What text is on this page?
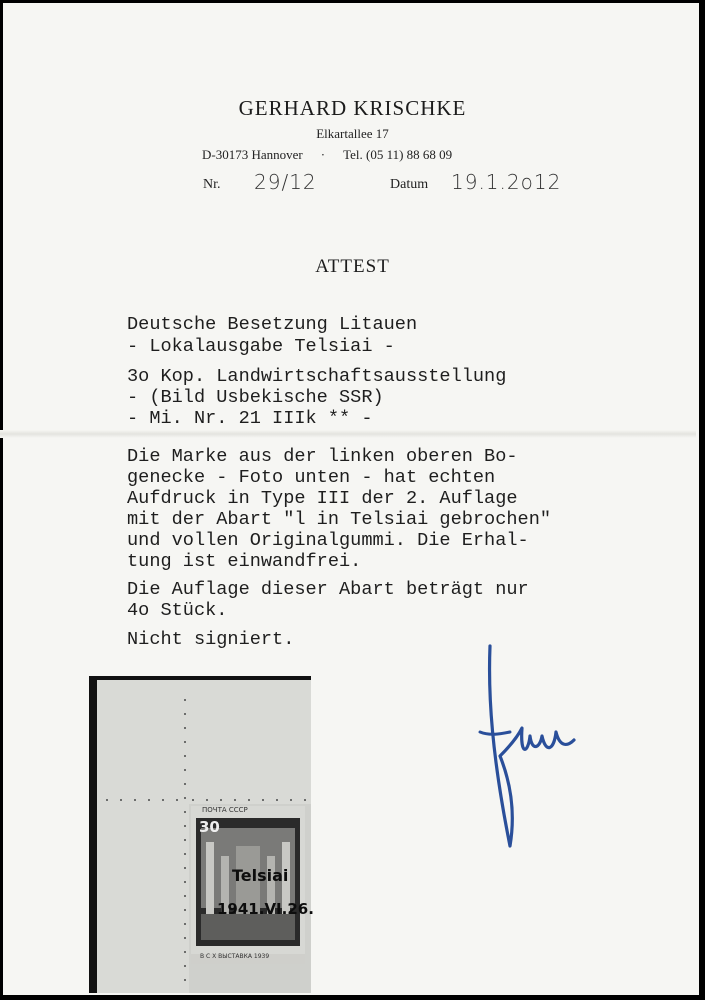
GERHARD KRISCHKE
Elkartallee 17
D-30173 Hannover · Tel. (05 11) 88 68 09
Nr. 29/12	Datum 19.1.2o12
ATTEST
Deutsche Besetzung Litauen
- Lokalausgabe Telsiai -
3o Kop. Landwirtschaftsausstellung
- (Bild Usbekische SSR)
- Mi. Nr. 21 IIIk ** -
Die Marke aus der linken oberen Bo-
genecke - Foto unten - hat echten
Aufdruck in Type III der 2. Auflage
mit der Abart "l in Telsiai gebrochen"
und vollen Originalgummi. Die Erhal-
tung ist einwandfrei.
Die Auflage dieser Abart beträgt nur
4o Stück.
Nicht signiert.
ПОЧТА СССР
30
Telsiai
1941.VI.26.
В С Х ВЫСТАВКА 1939
